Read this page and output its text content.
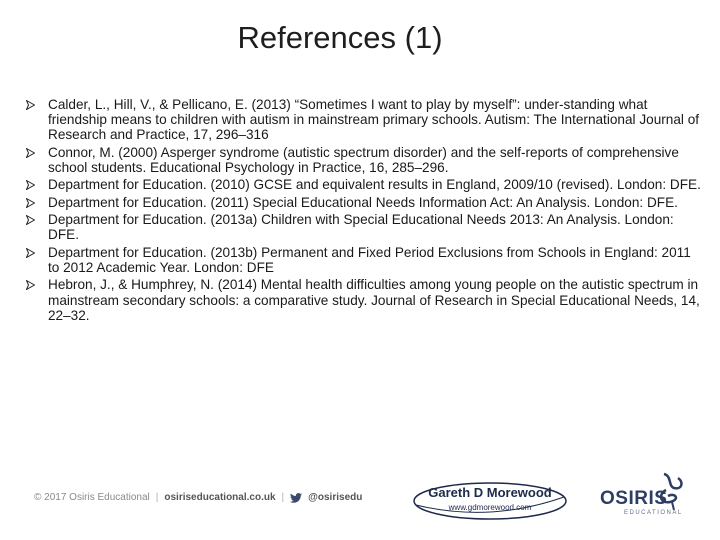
References (1)
Calder, L., Hill, V., & Pellicano, E. (2013) “Sometimes I want to play by myself”: under-standing what friendship means to children with autism in mainstream primary schools. Autism: The International Journal of Research and Practice, 17, 296–316
Connor, M. (2000) Asperger syndrome (autistic spectrum disorder) and the self-reports of comprehensive school students. Educational Psychology in Practice, 16, 285–296.
Department for Education. (2010) GCSE and equivalent results in England, 2009/10 (revised). London: DFE.
Department for Education. (2011) Special Educational Needs Information Act: An Analysis. London: DFE.
Department for Education. (2013a) Children with Special Educational Needs 2013: An Analysis. London: DFE.
Department for Education. (2013b) Permanent and Fixed Period Exclusions from Schools in England: 2011 to 2012 Academic Year. London: DFE
Hebron, J., & Humphrey, N. (2014) Mental health difficulties among young people on the autistic spectrum in mainstream secondary schools: a comparative study. Journal of Research in Special Educational Needs, 14, 22–32.
© 2017 Osiris Educational | osiriseducational.co.uk | @osirisedu	Gareth D Morewood
www.gdmorewood.com	OSIRIS
EDUCATIONAL
